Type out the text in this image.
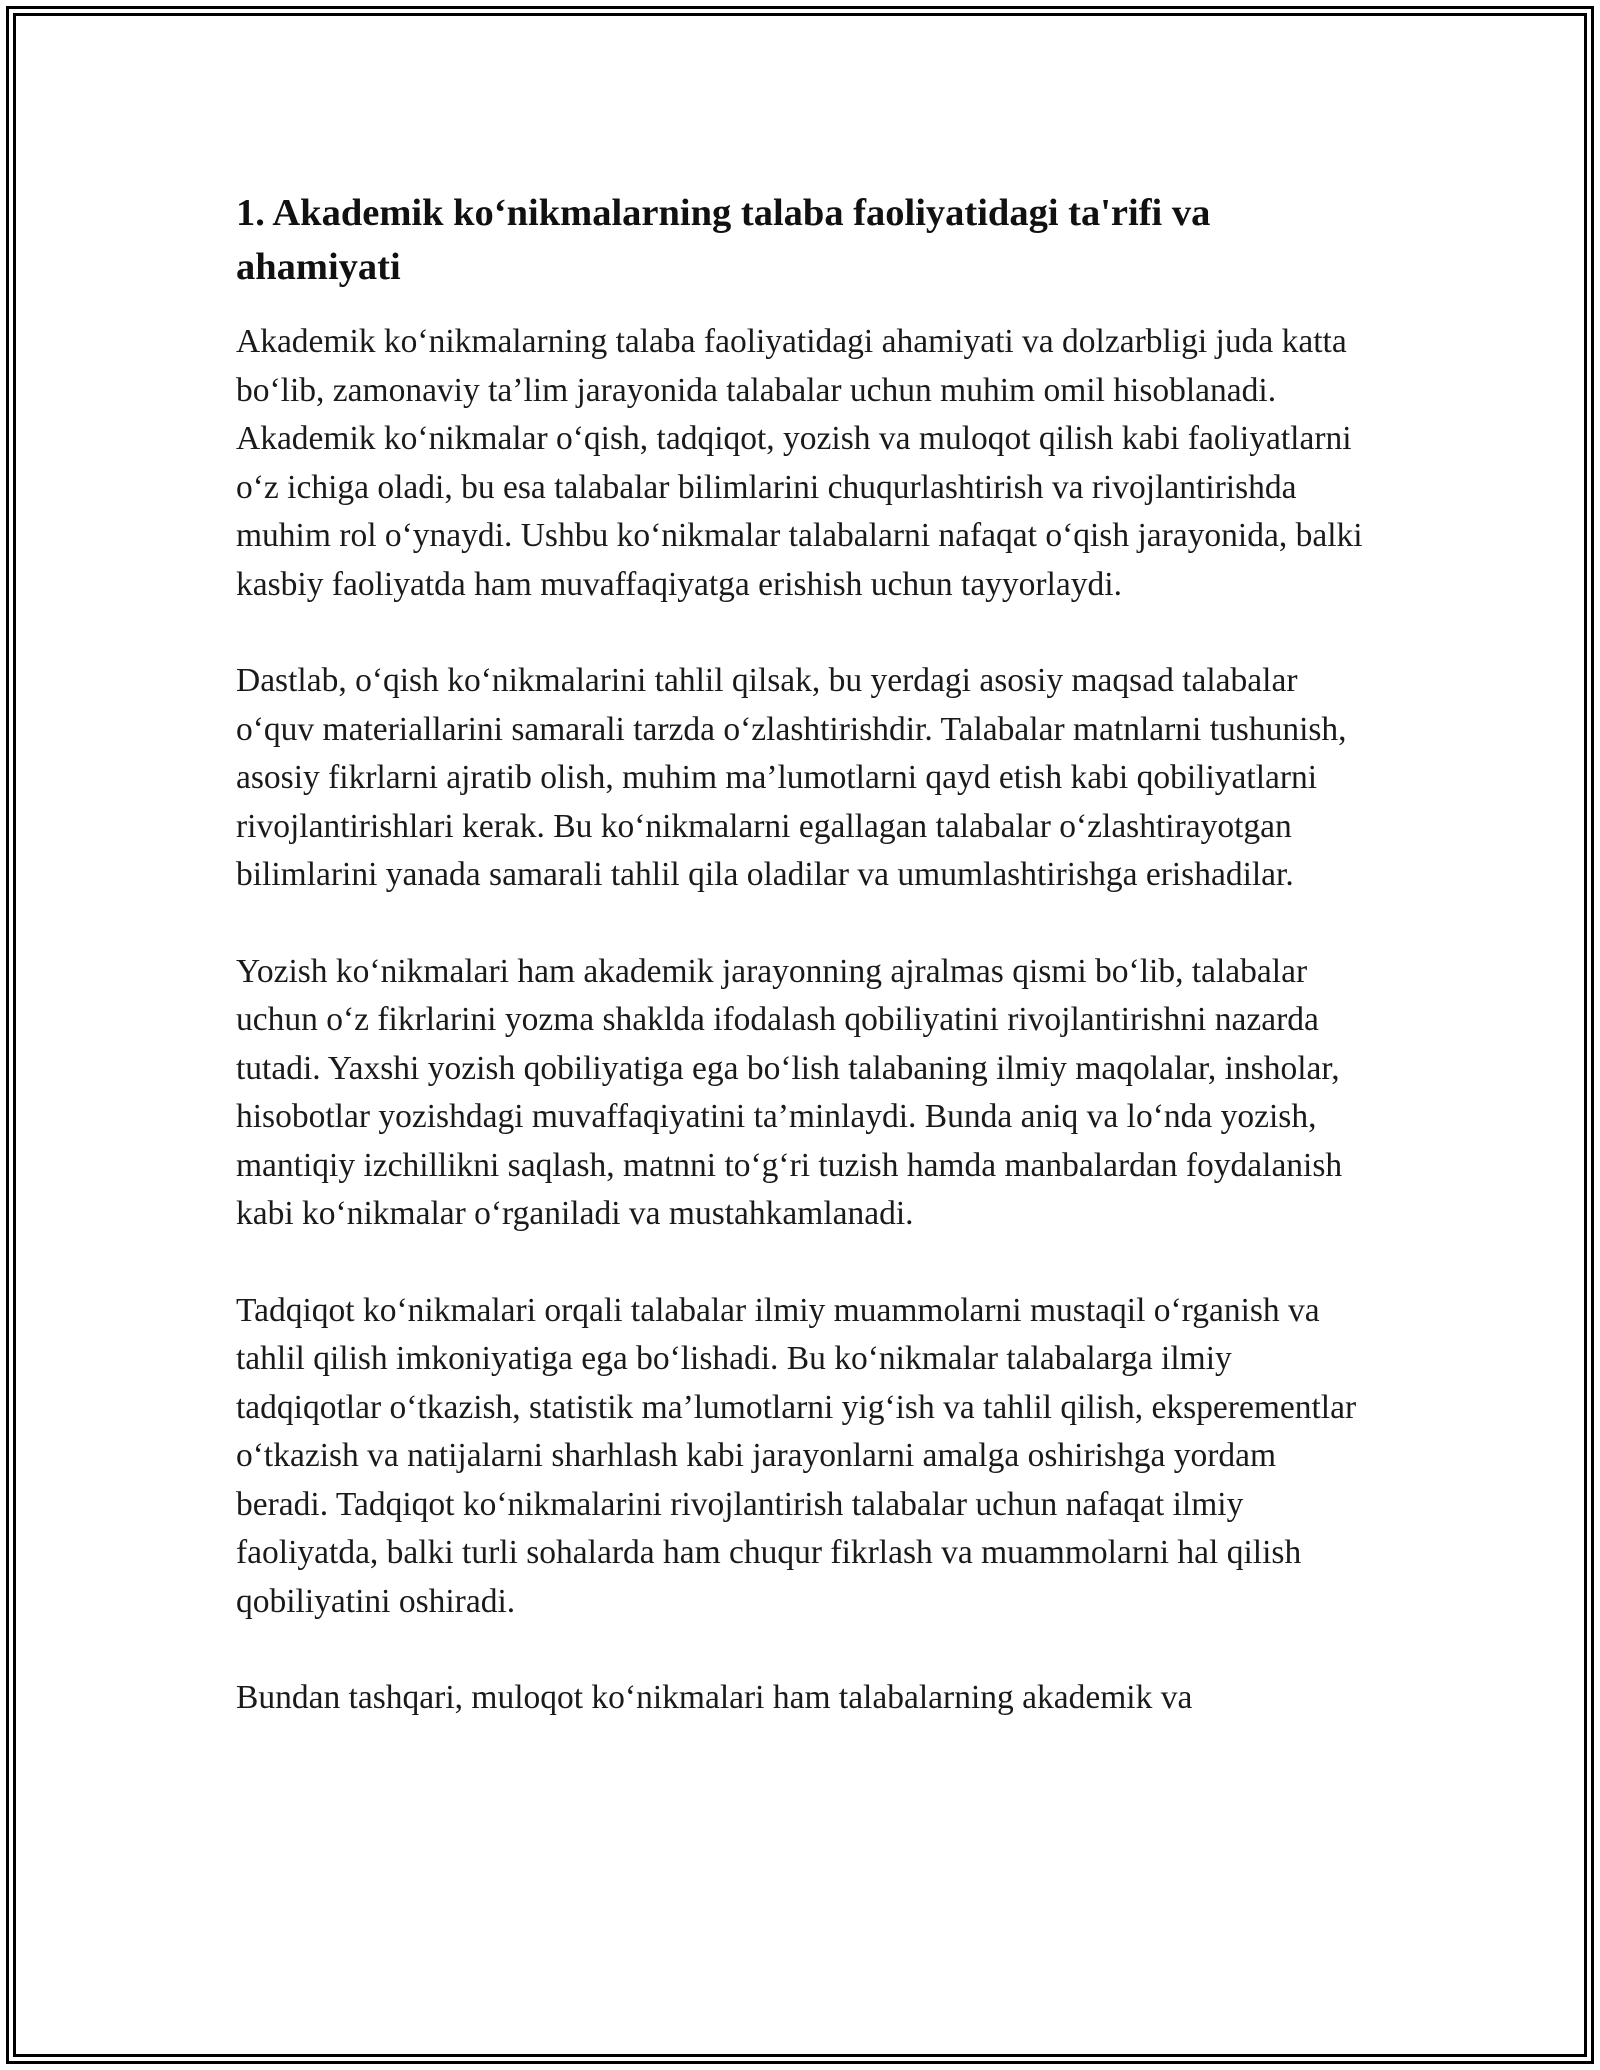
1. Akademik ko‘nikmalarning talaba faoliyatidagi ta'rifi va ahamiyati

Akademik ko‘nikmalarning talaba faoliyatidagi ahamiyati va dolzarbligi juda katta bo‘lib, zamonaviy ta’lim jarayonida talabalar uchun muhim omil hisoblanadi. Akademik ko‘nikmalar o‘qish, tadqiqot, yozish va muloqot qilish kabi faoliyatlarni o‘z ichiga oladi, bu esa talabalar bilimlarini chuqurlashtirish va rivojlantirishda muhim rol o‘ynaydi. Ushbu ko‘nikmalar talabalarni nafaqat o‘qish jarayonida, balki kasbiy faoliyatda ham muvaffaqiyatga erishish uchun tayyorlaydi.

Dastlab, o‘qish ko‘nikmalarini tahlil qilsak, bu yerdagi asosiy maqsad talabalar o‘quv materiallarini samarali tarzda o‘zlashtirishdir. Talabalar matnlarni tushunish, asosiy fikrlarni ajratib olish, muhim ma’lumotlarni qayd etish kabi qobiliyatlarni rivojlantirishlari kerak. Bu ko‘nikmalarni egallagan talabalar o‘zlashtirayotgan bilimlarini yanada samarali tahlil qila oladilar va umumlashtirishga erishadilar.

Yozish ko‘nikmalari ham akademik jarayonning ajralmas qismi bo‘lib, talabalar uchun o‘z fikrlarini yozma shaklda ifodalash qobiliyatini rivojlantirishni nazarda tutadi. Yaxshi yozish qobiliyatiga ega bo‘lish talabaning ilmiy maqolalar, insholar, hisobotlar yozishdagi muvaffaqiyatini ta’minlaydi. Bunda aniq va lo‘nda yozish, mantiqiy izchillikni saqlash, matnni to‘g‘ri tuzish hamda manbalardan foydalanish kabi ko‘nikmalar o‘rganiladi va mustahkamlanadi.

Tadqiqot ko‘nikmalari orqali talabalar ilmiy muammolarni mustaqil o‘rganish va tahlil qilish imkoniyatiga ega bo‘lishadi. Bu ko‘nikmalar talabalarga ilmiy tadqiqotlar o‘tkazish, statistik ma’lumotlarni yig‘ish va tahlil qilish, eksperementlar o‘tkazish va natijalarni sharhlash kabi jarayonlarni amalga oshirishga yordam beradi. Tadqiqot ko‘nikmalarini rivojlantirish talabalar uchun nafaqat ilmiy faoliyatda, balki turli sohalarda ham chuqur fikrlash va muammolarni hal qilish qobiliyatini oshiradi.

Bundan tashqari, muloqot ko‘nikmalari ham talabalarning akademik va
